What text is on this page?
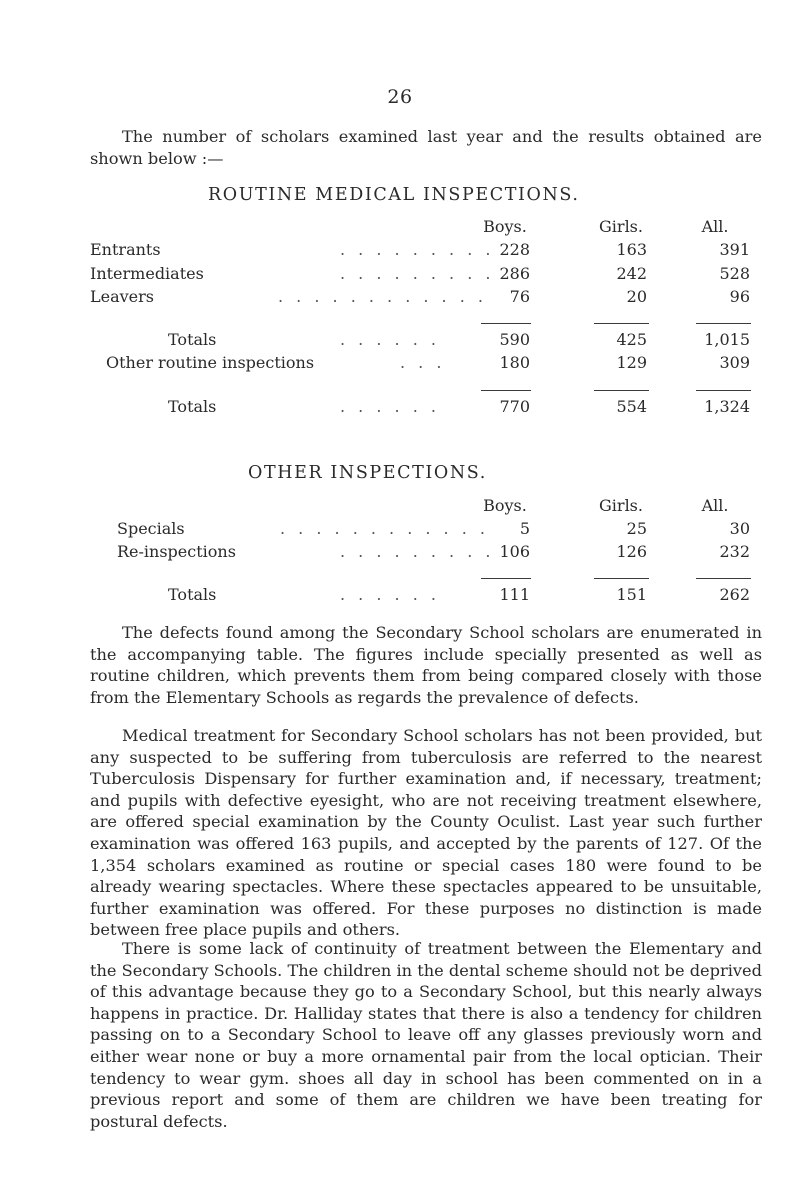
26
The number of scholars examined last year and the results obtained are shown below :—
ROUTINE MEDICAL INSPECTIONS.
Boys.	Girls.	All.
Entrants	. . . . . . . . . 228	163	391
Intermediates	. . . . . . . . . 286	242	528
Leavers	. . . . . . . . . . . .	76	20	96
Totals	. . . . . .	590	425	1,015
Other routine inspections	. . .	180	129	309
Totals	. . . . . .	770	554	1,324
OTHER INSPECTIONS.
Boys.	Girls.	All.
Specials	. . . . . . . . . . . .	5	25	30
Re-inspections	. . . . . . . . . 106	126	232
Totals	. . . . . .	111	151	262
The defects found among the Secondary School scholars are enumerated in the accompanying table. The figures include specially presented as well as routine children, which prevents them from being compared closely with those from the Elementary Schools as regards the prevalence of defects.
Medical treatment for Secondary School scholars has not been provided, but any suspected to be suffering from tuberculosis are referred to the nearest Tuberculosis Dispensary for further examination and, if necessary, treatment; and pupils with defective eyesight, who are not receiving treatment elsewhere, are offered special examination by the County Oculist. Last year such further examination was offered 163 pupils, and accepted by the parents of 127. Of the 1,354 scholars examined as routine or special cases 180 were found to be already wearing spectacles. Where these spectacles appeared to be unsuitable, further examination was offered. For these purposes no distinction is made between free place pupils and others.
There is some lack of continuity of treatment between the Elementary and the Secondary Schools. The children in the dental scheme should not be deprived of this advantage because they go to a Secondary School, but this nearly always happens in practice. Dr. Halliday states that there is also a tendency for children passing on to a Secondary School to leave off any glasses previously worn and either wear none or buy a more ornamental pair from the local optician. Their tendency to wear gym. shoes all day in school has been commented on in a previous report and some of them are children we have been treating for postural defects.
